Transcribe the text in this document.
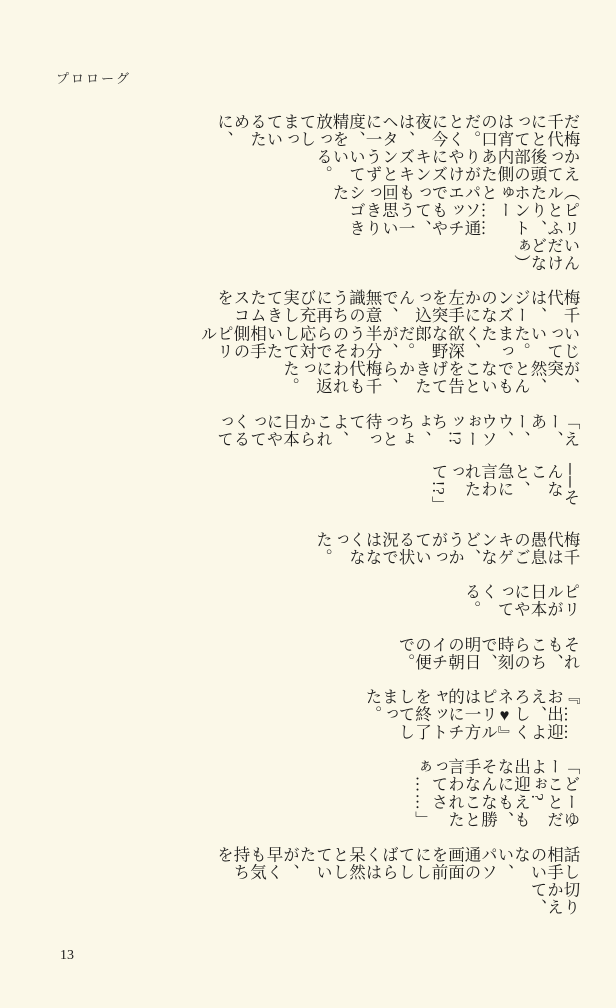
プロローグ
だ梅千代にとっては宵の口だ。とくに今夜は、ヘタに一度、精を放ってしまっているために、
かえって後頭部の内側あたりがやけにズキンズキンとうずいている。
（ピリルとふたり、ホントゅーと……パソ通エッチでもやって、もう一回思いっきりシゴきた
いんだけどなぁ）
梅千代は、ジーンズのなかに左手を突っ込んで、無意識のうちに再び充実してきたムスコを
いじっていた。まったく、欲深な野郎だ。が、半分うわのそらで応対していた相手側のピリル
が、突然、とんでもないことを告げてきたから、梅千代もわれに返った。
「えー、あー、ウ、ウソぉーッ!?　ちょ、ちょっと待ってよ、これから日本にやってくるって
──そんなこと、急に言われたって!?」
梅千代は愚息のごキゲンなど、うかがっている状況ではなくなった。
ピリルが日本にやってくる。
それも、こちらの時刻で、明日の朝イチの便で。
『……お出迎え、よろしくネ♥』ピリルは一方的にチャットを終了してしまった。
「どーゆーことだよぉ?　出迎えもなにも、そんな勝手なこと言われたってさぁ……」
話し相手のいない、パソ通の画面を前にしてしばらくは呆然としていたが、早くも気持ちを
切りかえて、
13
